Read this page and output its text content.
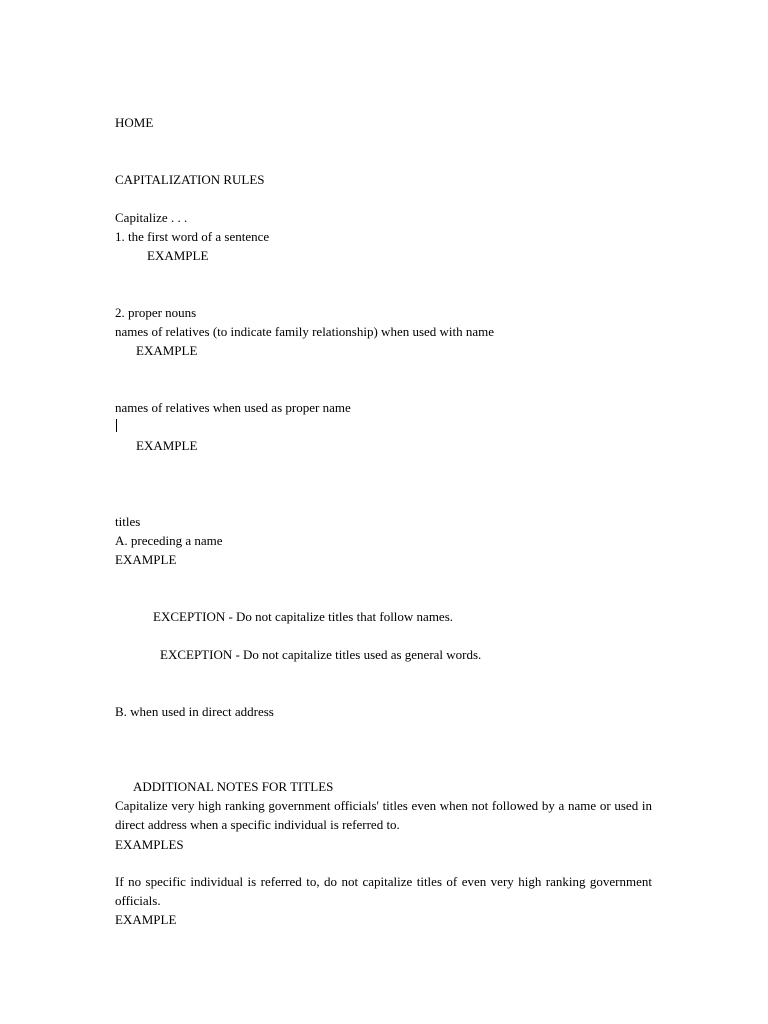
HOME
CAPITALIZATION RULES
Capitalize . . .
1. the first word of a sentence
EXAMPLE
2. proper nouns
names of relatives (to indicate family relationship) when used with name
EXAMPLE
names of relatives when used as proper name
EXAMPLE
titles
A. preceding a name
EXAMPLE
EXCEPTION - Do not capitalize titles that follow names.
EXCEPTION - Do not capitalize titles used as general words.
B. when used in direct address
ADDITIONAL NOTES FOR TITLES
Capitalize very high ranking government officials' titles even when not followed by a name or used in direct address when a specific individual is referred to.
EXAMPLES
If no specific individual is referred to, do not capitalize titles of even very high ranking government officials.
EXAMPLE
